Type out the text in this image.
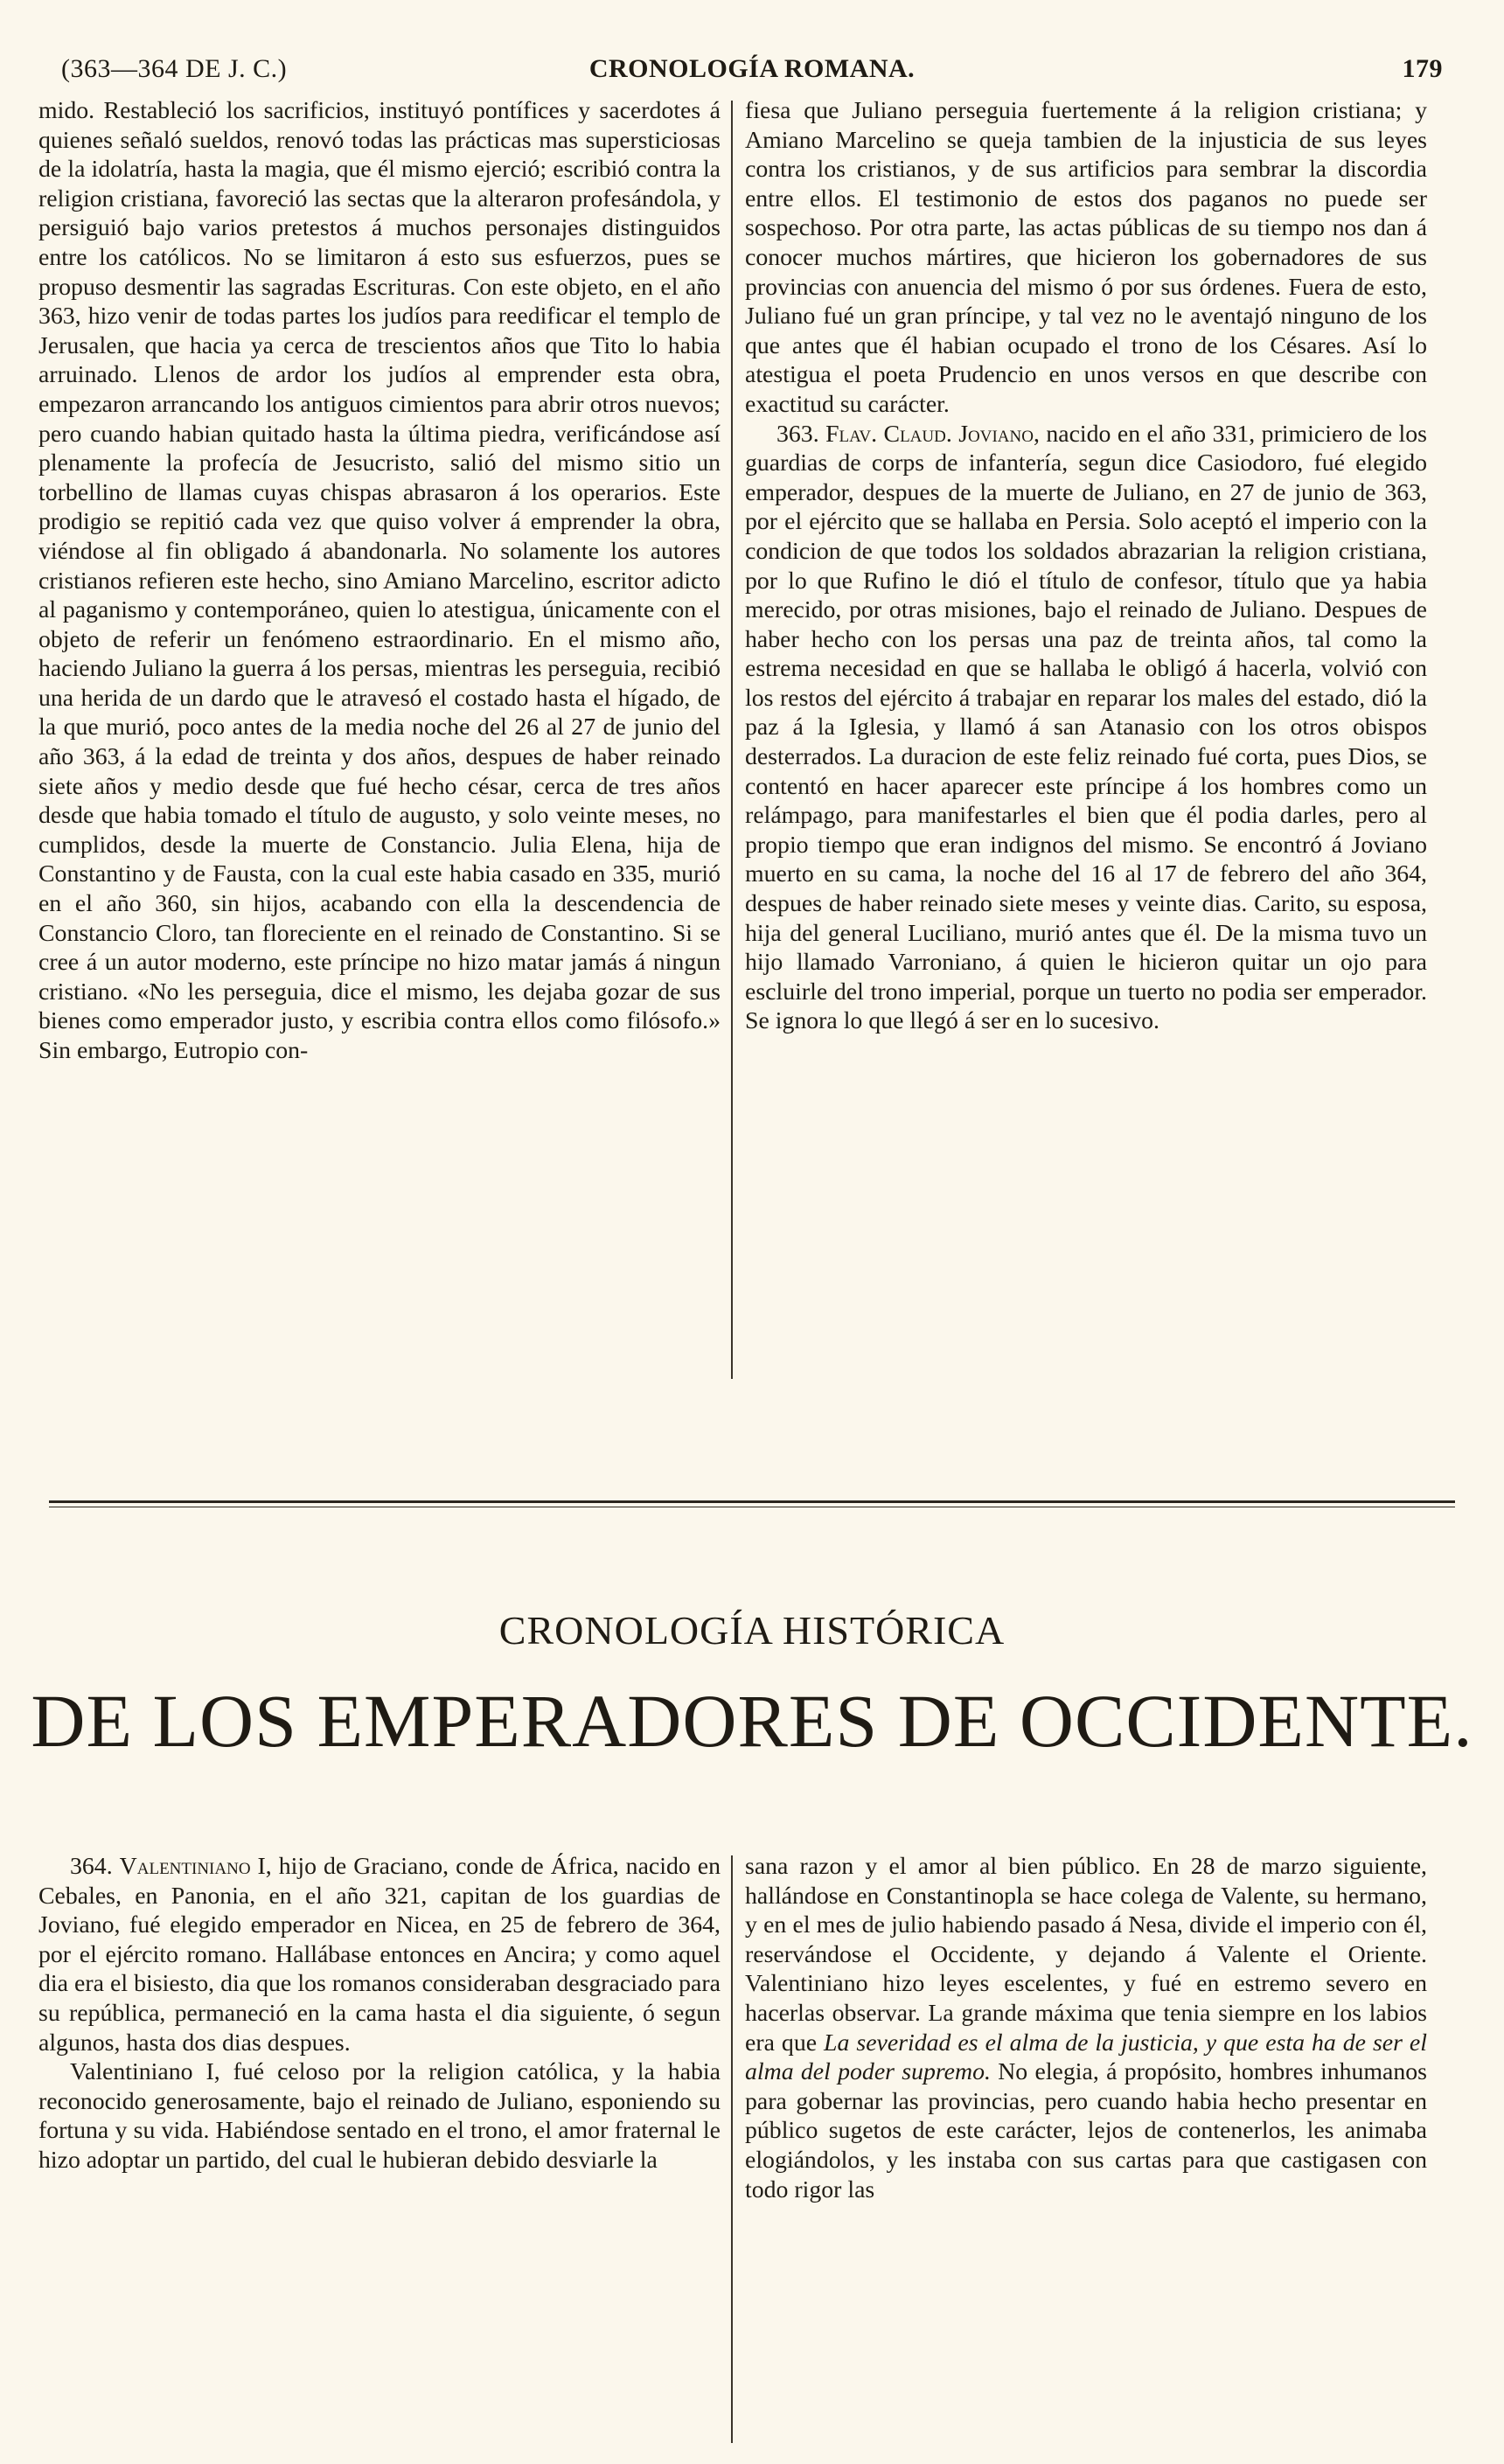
(363—364 DE J. C.)	CRONOLOGÍA ROMANA.	179

mido. Restableció los sacrificios, instituyó pontífices y sacerdotes á quienes señaló sueldos, renovó todas las prácticas mas supersticiosas de la idolatría, hasta la magia, que él mismo ejerció; escribió contra la religion cristiana, favoreció las sectas que la alteraron profesándola, y persiguió bajo varios pretestos á muchos personajes distinguidos entre los católicos. No se limitaron á esto sus esfuerzos, pues se propuso desmentir las sagradas Escrituras. Con este objeto, en el año 363, hizo venir de todas partes los judíos para reedificar el templo de Jerusalen, que hacia ya cerca de trescientos años que Tito lo habia arruinado. Llenos de ardor los judíos al emprender esta obra, empezaron arrancando los antiguos cimientos para abrir otros nuevos; pero cuando habian quitado hasta la última piedra, verificándose así plenamente la profecía de Jesucristo, salió del mismo sitio un torbellino de llamas cuyas chispas abrasaron á los operarios. Este prodigio se repitió cada vez que quiso volver á emprender la obra, viéndose al fin obligado á abandonarla. No solamente los autores cristianos refieren este hecho, sino Amiano Marcelino, escritor adicto al paganismo y contemporáneo, quien lo atestigua, únicamente con el objeto de referir un fenómeno estraordinario. En el mismo año, haciendo Juliano la guerra á los persas, mientras les perseguia, recibió una herida de un dardo que le atravesó el costado hasta el hígado, de la que murió, poco antes de la media noche del 26 al 27 de junio del año 363, á la edad de treinta y dos años, despues de haber reinado siete años y medio desde que fué hecho césar, cerca de tres años desde que habia tomado el título de augusto, y solo veinte meses, no cumplidos, desde la muerte de Constancio. Julia Elena, hija de Constantino y de Fausta, con la cual este habia casado en 335, murió en el año 360, sin hijos, acabando con ella la descendencia de Constancio Cloro, tan floreciente en el reinado de Constantino. Si se cree á un autor moderno, este príncipe no hizo matar jamás á ningun cristiano. «No les perseguia, dice el mismo, les dejaba gozar de sus bienes como emperador justo, y escribia contra ellos como filósofo.» Sin embargo, Eutropio con-

fiesa que Juliano perseguia fuertemente á la religion cristiana; y Amiano Marcelino se queja tambien de la injusticia de sus leyes contra los cristianos, y de sus artificios para sembrar la discordia entre ellos. El testimonio de estos dos paganos no puede ser sospechoso. Por otra parte, las actas públicas de su tiempo nos dan á conocer muchos mártires, que hicieron los gobernadores de sus provincias con anuencia del mismo ó por sus órdenes. Fuera de esto, Juliano fué un gran príncipe, y tal vez no le aventajó ninguno de los que antes que él habian ocupado el trono de los Césares. Así lo atestigua el poeta Prudencio en unos versos en que describe con exactitud su carácter.

363. Flav. Claud. Joviano, nacido en el año 331, primiciero de los guardias de corps de infantería, segun dice Casiodoro, fué elegido emperador, despues de la muerte de Juliano, en 27 de junio de 363, por el ejército que se hallaba en Persia. Solo aceptó el imperio con la condicion de que todos los soldados abrazarian la religion cristiana, por lo que Rufino le dió el título de confesor, título que ya habia merecido, por otras misiones, bajo el reinado de Juliano. Despues de haber hecho con los persas una paz de treinta años, tal como la estrema necesidad en que se hallaba le obligó á hacerla, volvió con los restos del ejército á trabajar en reparar los males del estado, dió la paz á la Iglesia, y llamó á san Atanasio con los otros obispos desterrados. La duracion de este feliz reinado fué corta, pues Dios, se contentó en hacer aparecer este príncipe á los hombres como un relámpago, para manifestarles el bien que él podia darles, pero al propio tiempo que eran indignos del mismo. Se encontró á Joviano muerto en su cama, la noche del 16 al 17 de febrero del año 364, despues de haber reinado siete meses y veinte dias. Carito, su esposa, hija del general Luciliano, murió antes que él. De la misma tuvo un hijo llamado Varroniano, á quien le hicieron quitar un ojo para escluirle del trono imperial, porque un tuerto no podia ser emperador. Se ignora lo que llegó á ser en lo sucesivo.

CRONOLOGÍA HISTÓRICA
DE LOS EMPERADORES DE OCCIDENTE.

364. Valentiniano I, hijo de Graciano, conde de África, nacido en Cebales, en Panonia, en el año 321, capitan de los guardias de Joviano, fué elegido emperador en Nicea, en 25 de febrero de 364, por el ejército romano. Hallábase entonces en Ancira; y como aquel dia era el bisiesto, dia que los romanos consideraban desgraciado para su república, permaneció en la cama hasta el dia siguiente, ó segun algunos, hasta dos dias despues.

Valentiniano I, fué celoso por la religion católica, y la habia reconocido generosamente, bajo el reinado de Juliano, esponiendo su fortuna y su vida. Habiéndose sentado en el trono, el amor fraternal le hizo adoptar un partido, del cual le hubieran debido desviarle la

sana razon y el amor al bien público. En 28 de marzo siguiente, hallándose en Constantinopla se hace colega de Valente, su hermano, y en el mes de julio habiendo pasado á Nesa, divide el imperio con él, reservándose el Occidente, y dejando á Valente el Oriente. Valentiniano hizo leyes escelentes, y fué en estremo severo en hacerlas observar. La grande máxima que tenia siempre en los labios era que La severidad es el alma de la justicia, y que esta ha de ser el alma del poder supremo. No elegia, á propósito, hombres inhumanos para gobernar las provincias, pero cuando habia hecho presentar en público sugetos de este carácter, lejos de contenerlos, les animaba elogiándolos, y les instaba con sus cartas para que castigasen con todo rigor las
